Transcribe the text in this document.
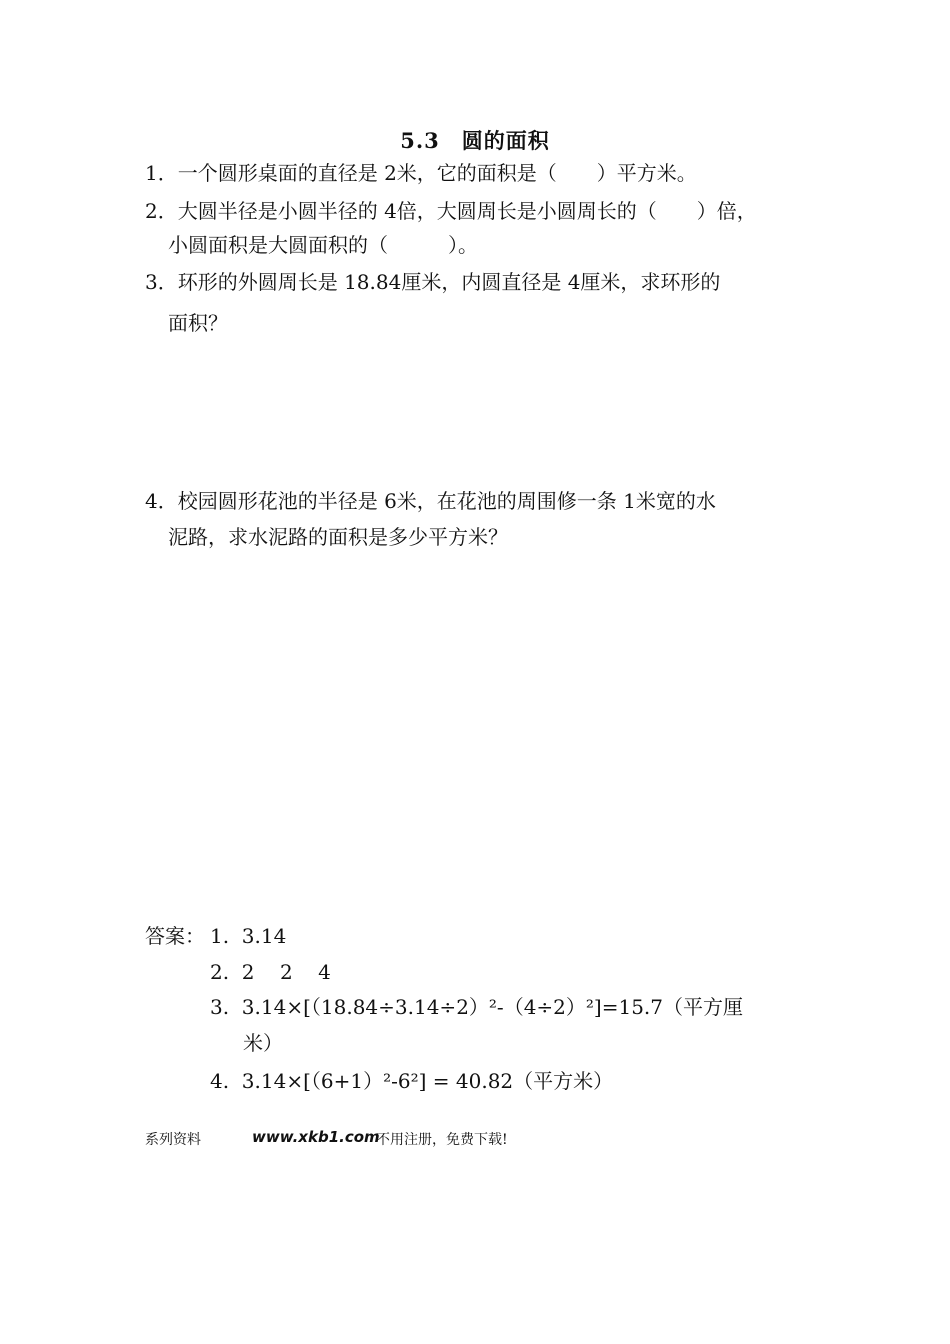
5.3　圆的面积
1．一个圆形桌面的直径是 2米，它的面积是（　　）平方米。
2．大圆半径是小圆半径的 4倍，大圆周长是小圆周长的（　　）倍，
小圆面积是大圆面积的（　　　）。
3．环形的外圆周长是 18.84厘米，内圆直径是 4厘米，求环形的
面积？
4．校园圆形花池的半径是 6米，在花池的周围修一条 1米宽的水
泥路，求水泥路的面积是多少平方米？
答案： 1.  3.14
2.  2    2    4
3.  3.14×[（18.84÷3.14÷2）²-（4÷2）²]=15.7（平方厘
米）
4.  3.14×[（6+1）²-6²] = 40.82（平方米）
系列资料	www.xkb1.com
不用注册，免费下载!
